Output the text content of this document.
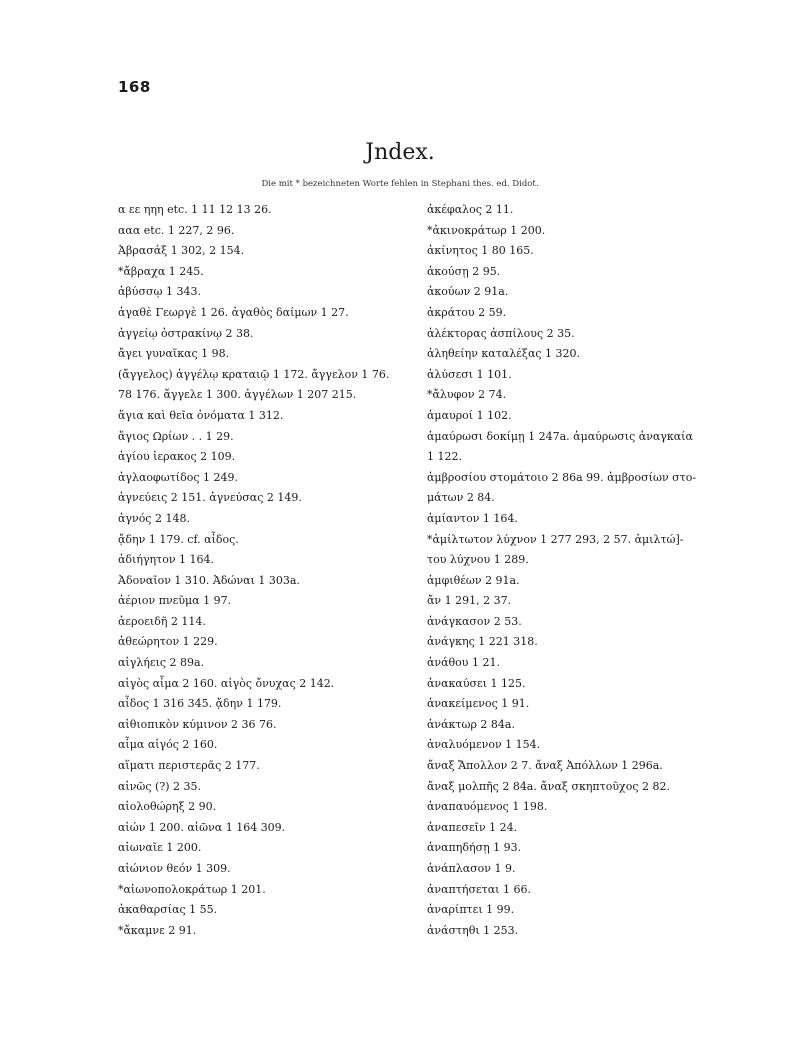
168
Jndex.
Die mit * bezeichneten Worte fehlen in Stephani thes. ed. Didot.
α εε ηηη etc. 1 11 12 13 26.
ααα etc. 1 227, 2 96.
Ἀβρασάξ 1 302, 2 154.
*ἄβραχα 1 245.
ἀβύσσῳ 1 343.
ἀγαθὲ Γεωργὲ 1 26. ἀγαθὸς δαίμων 1 27.
ἀγγείῳ ὀστρακίνῳ 2 38.
ἄγει γυναῖκας 1 98.
(ἄγγελος) ἀγγέλῳ κραταιῷ 1 172. ἄγγελον 1 76.
78 176. ἄγγελε 1 300. ἀγγέλων 1 207 215.
ἅγια καὶ θεῖα ὀνόματα 1 312.
ἅγιος Ωρίων . . 1 29.
ἁγίου ἱερακος 2 109.
ἀγλαοφωτίδος 1 249.
ἀγνεύεις 2 151. ἀγνεύσας 2 149.
ἁγνός 2 148.
ᾄδην 1 179. cf. αἶδος.
ἀδιήγητον 1 164.
Ἀδοναῖον 1 310. Ἀδώναι 1 303a.
ἀέριον πνεῦμα 1 97.
ἀεροειδῆ 2 114.
ἀθεώρητον 1 229.
αἰγλήεις 2 89a.
αἰγὸς αἷμα 2 160. αἰγὸς ὄνυχας 2 142.
αἶδος 1 316 345. ᾄδην 1 179.
αἰθιοπικὸν κύμινον 2 36 76.
αἷμα αἰγός 2 160.
αἵματι περιστερᾶς 2 177.
αἰνῶς (?) 2 35.
αἰολοθώρηξ 2 90.
αἰών 1 200. αἰῶνα 1 164 309.
αἰωναῖε 1 200.
αἰώνιον θεόν 1 309.
*αἰωνοπολοκράτωρ 1 201.
ἀκαθαρσίας 1 55.
*ἄκαμνε 2 91.
ἀκέφαλος 2 11.
*ἀκινοκράτωρ 1 200.
ἀκίνητος 1 80 165.
ἀκούσῃ 2 95.
ἀκούων 2 91a.
ἀκράτου 2 59.
ἀλέκτορας ἀσπίλους 2 35.
ἀληθείην καταλέξας 1 320.
ἀλύσεσι 1 101.
*ἄλυφον 2 74.
ἀμαυροί 1 102.
ἀμαύρωσι δοκίμῃ 1 247a. ἀμαύρωσις ἀναγκαία
1 122.
ἀμβροσίου στομάτοιο 2 86a 99. ἀμβροσίων στο-
μάτων 2 84.
ἀμίαντον 1 164.
*ἀμίλτωτον λύχνον 1 277 293, 2 57. ἀμιλτώ]-
του λύχνου 1 289.
ἀμφιθέων 2 91a.
ἄν 1 291, 2 37.
ἀνάγκασον 2 53.
ἀνάγκης 1 221 318.
ἀνάθου 1 21.
ἀνακαύσει 1 125.
ἀνακείμενος 1 91.
ἀνάκτωρ 2 84a.
ἀναλυόμενον 1 154.
ἄναξ Ἄπολλον 2 7. ἄναξ Ἀπόλλων 1 296a.
ἄναξ μολπῆς 2 84a. ἄναξ σκηπτοῦχος 2 82.
ἀναπαυόμενος 1 198.
ἀναπεσεῖν 1 24.
ἀναπηδήσῃ 1 93.
ἀνάπλασον 1 9.
ἀναπτήσεται 1 66.
ἀναρίπτει 1 99.
ἀνάστηθι 1 253.
